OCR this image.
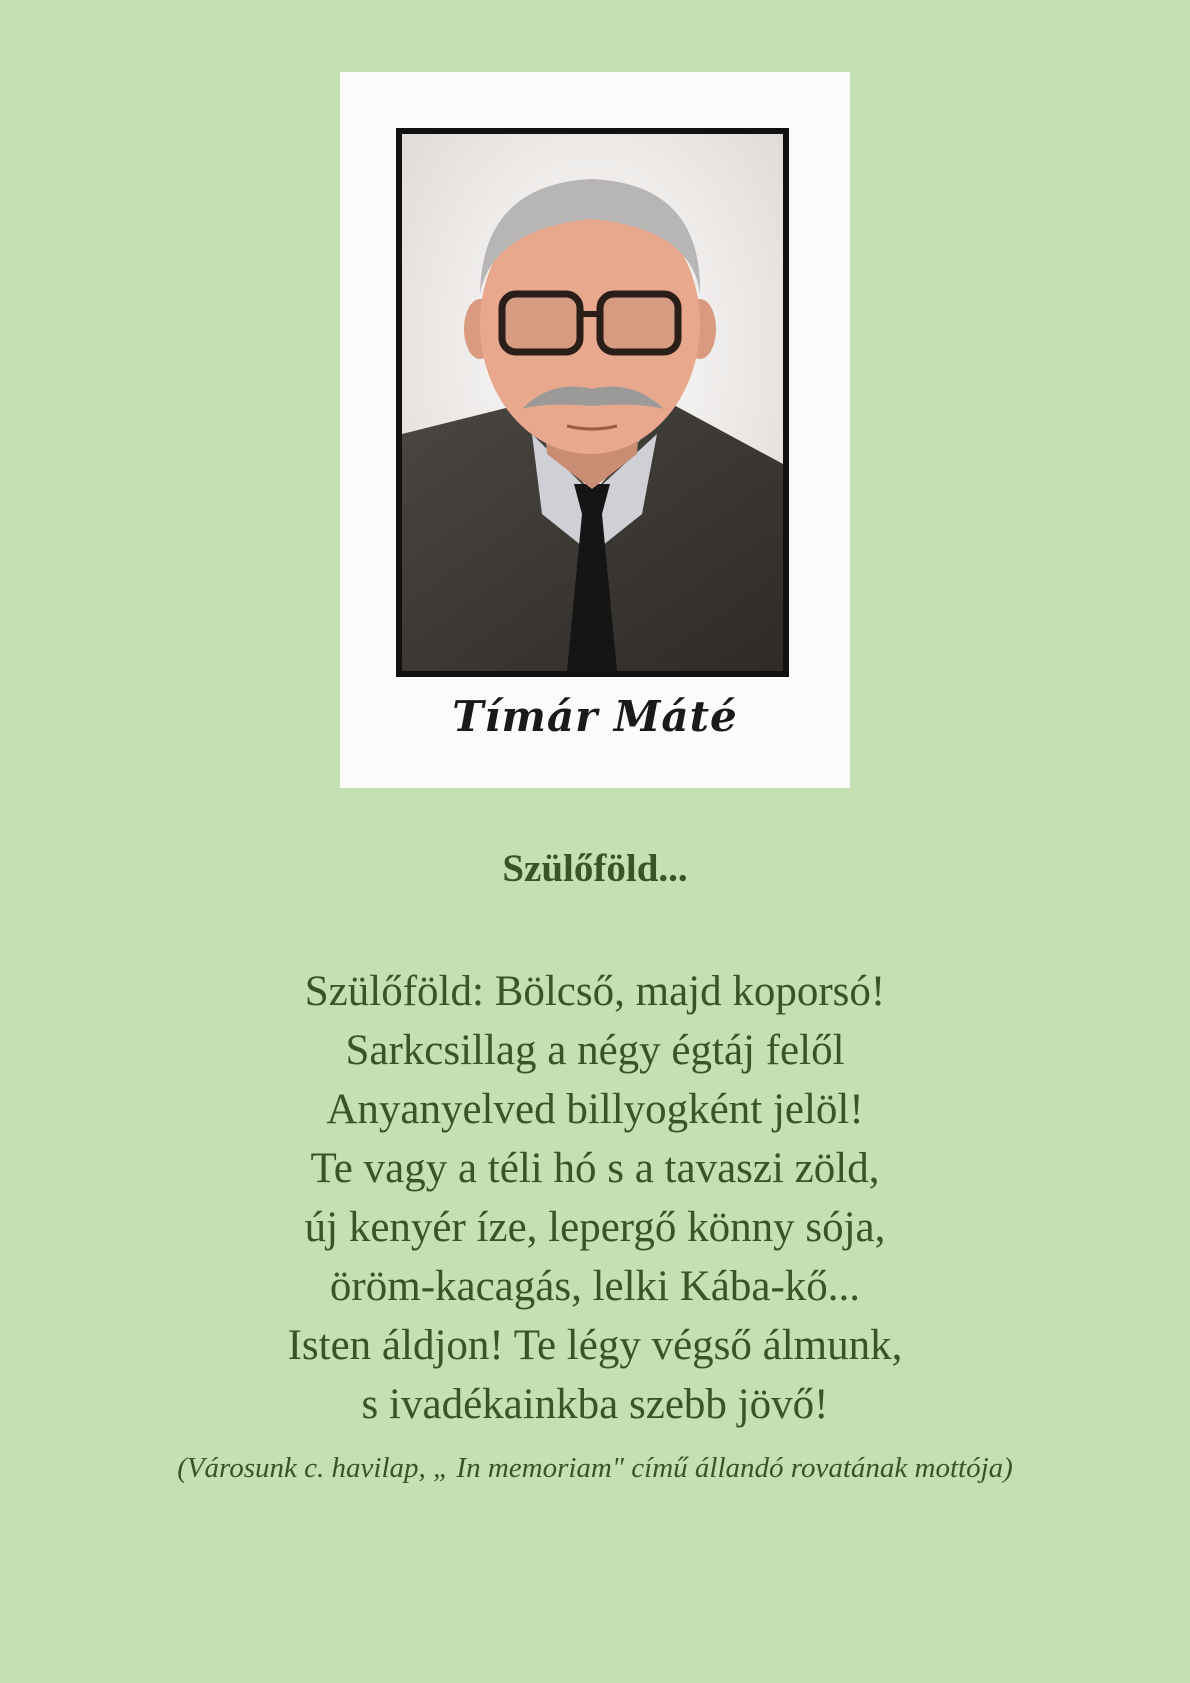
Tímár Máté
Szülőföld...
Szülőföld: Bölcső, majd koporsó!
Sarkcsillag a négy égtáj felől
Anyanyelved billyogként jelöl!
Te vagy a téli hó s a tavaszi zöld,
új kenyér íze, lepergő könny sója,
öröm-kacagás, lelki Kába-kő...
Isten áldjon! Te légy végső álmunk,
s ivadékainkba szebb jövő!
(Városunk c. havilap, „ In memoriam" című állandó rovatának mottója)
